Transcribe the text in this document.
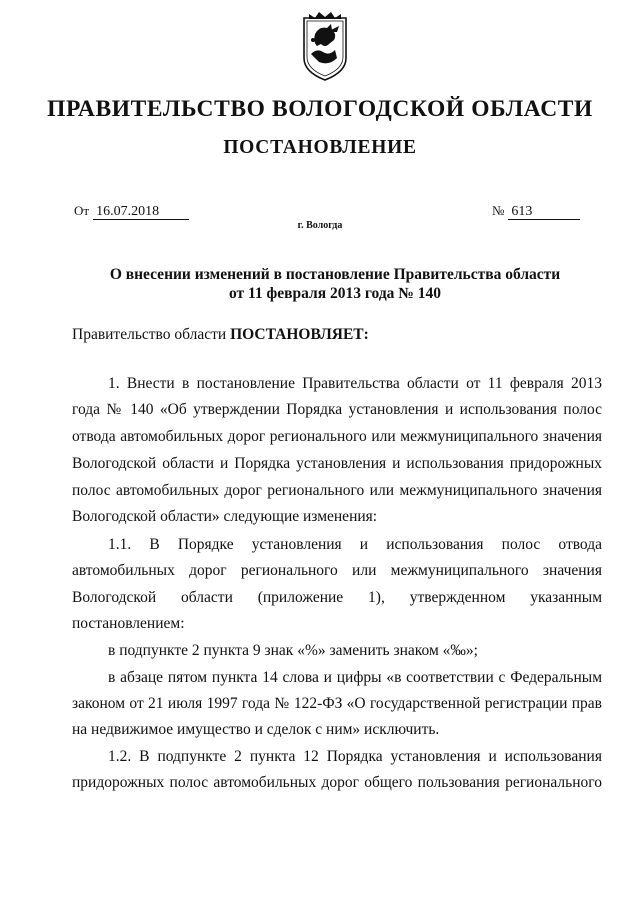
ПРАВИТЕЛЬСТВО ВОЛОГОДСКОЙ ОБЛАСТИ
ПОСТАНОВЛЕНИЕ
От 16.07.2018	№ 613
г. Вологда
О внесении изменений в постановление Правительства области
от 11 февраля 2013 года № 140
Правительство области ПОСТАНОВЛЯЕТ:
1. Внести в постановление Правительства области от 11 февраля 2013
года № 140 «Об утверждении Порядка установления и использования полос
отвода автомобильных дорог регионального или межмуниципального значения
Вологодской области и Порядка установления и использования придорожных
полос автомобильных дорог регионального или межмуниципального значения
Вологодской области» следующие изменения:
1.1. В Порядке установления и использования полос отвода
автомобильных дорог регионального или межмуниципального значения
Вологодской области (приложение 1), утвержденном указанным
постановлением:
в подпункте 2 пункта 9 знак «%» заменить знаком «‰»;
в абзаце пятом пункта 14 слова и цифры «в соответствии с Федеральным
законом от 21 июля 1997 года № 122-ФЗ «О государственной регистрации прав
на недвижимое имущество и сделок с ним» исключить.
1.2. В подпункте 2 пункта 12 Порядка установления и использования
придорожных полос автомобильных дорог общего пользования регионального
